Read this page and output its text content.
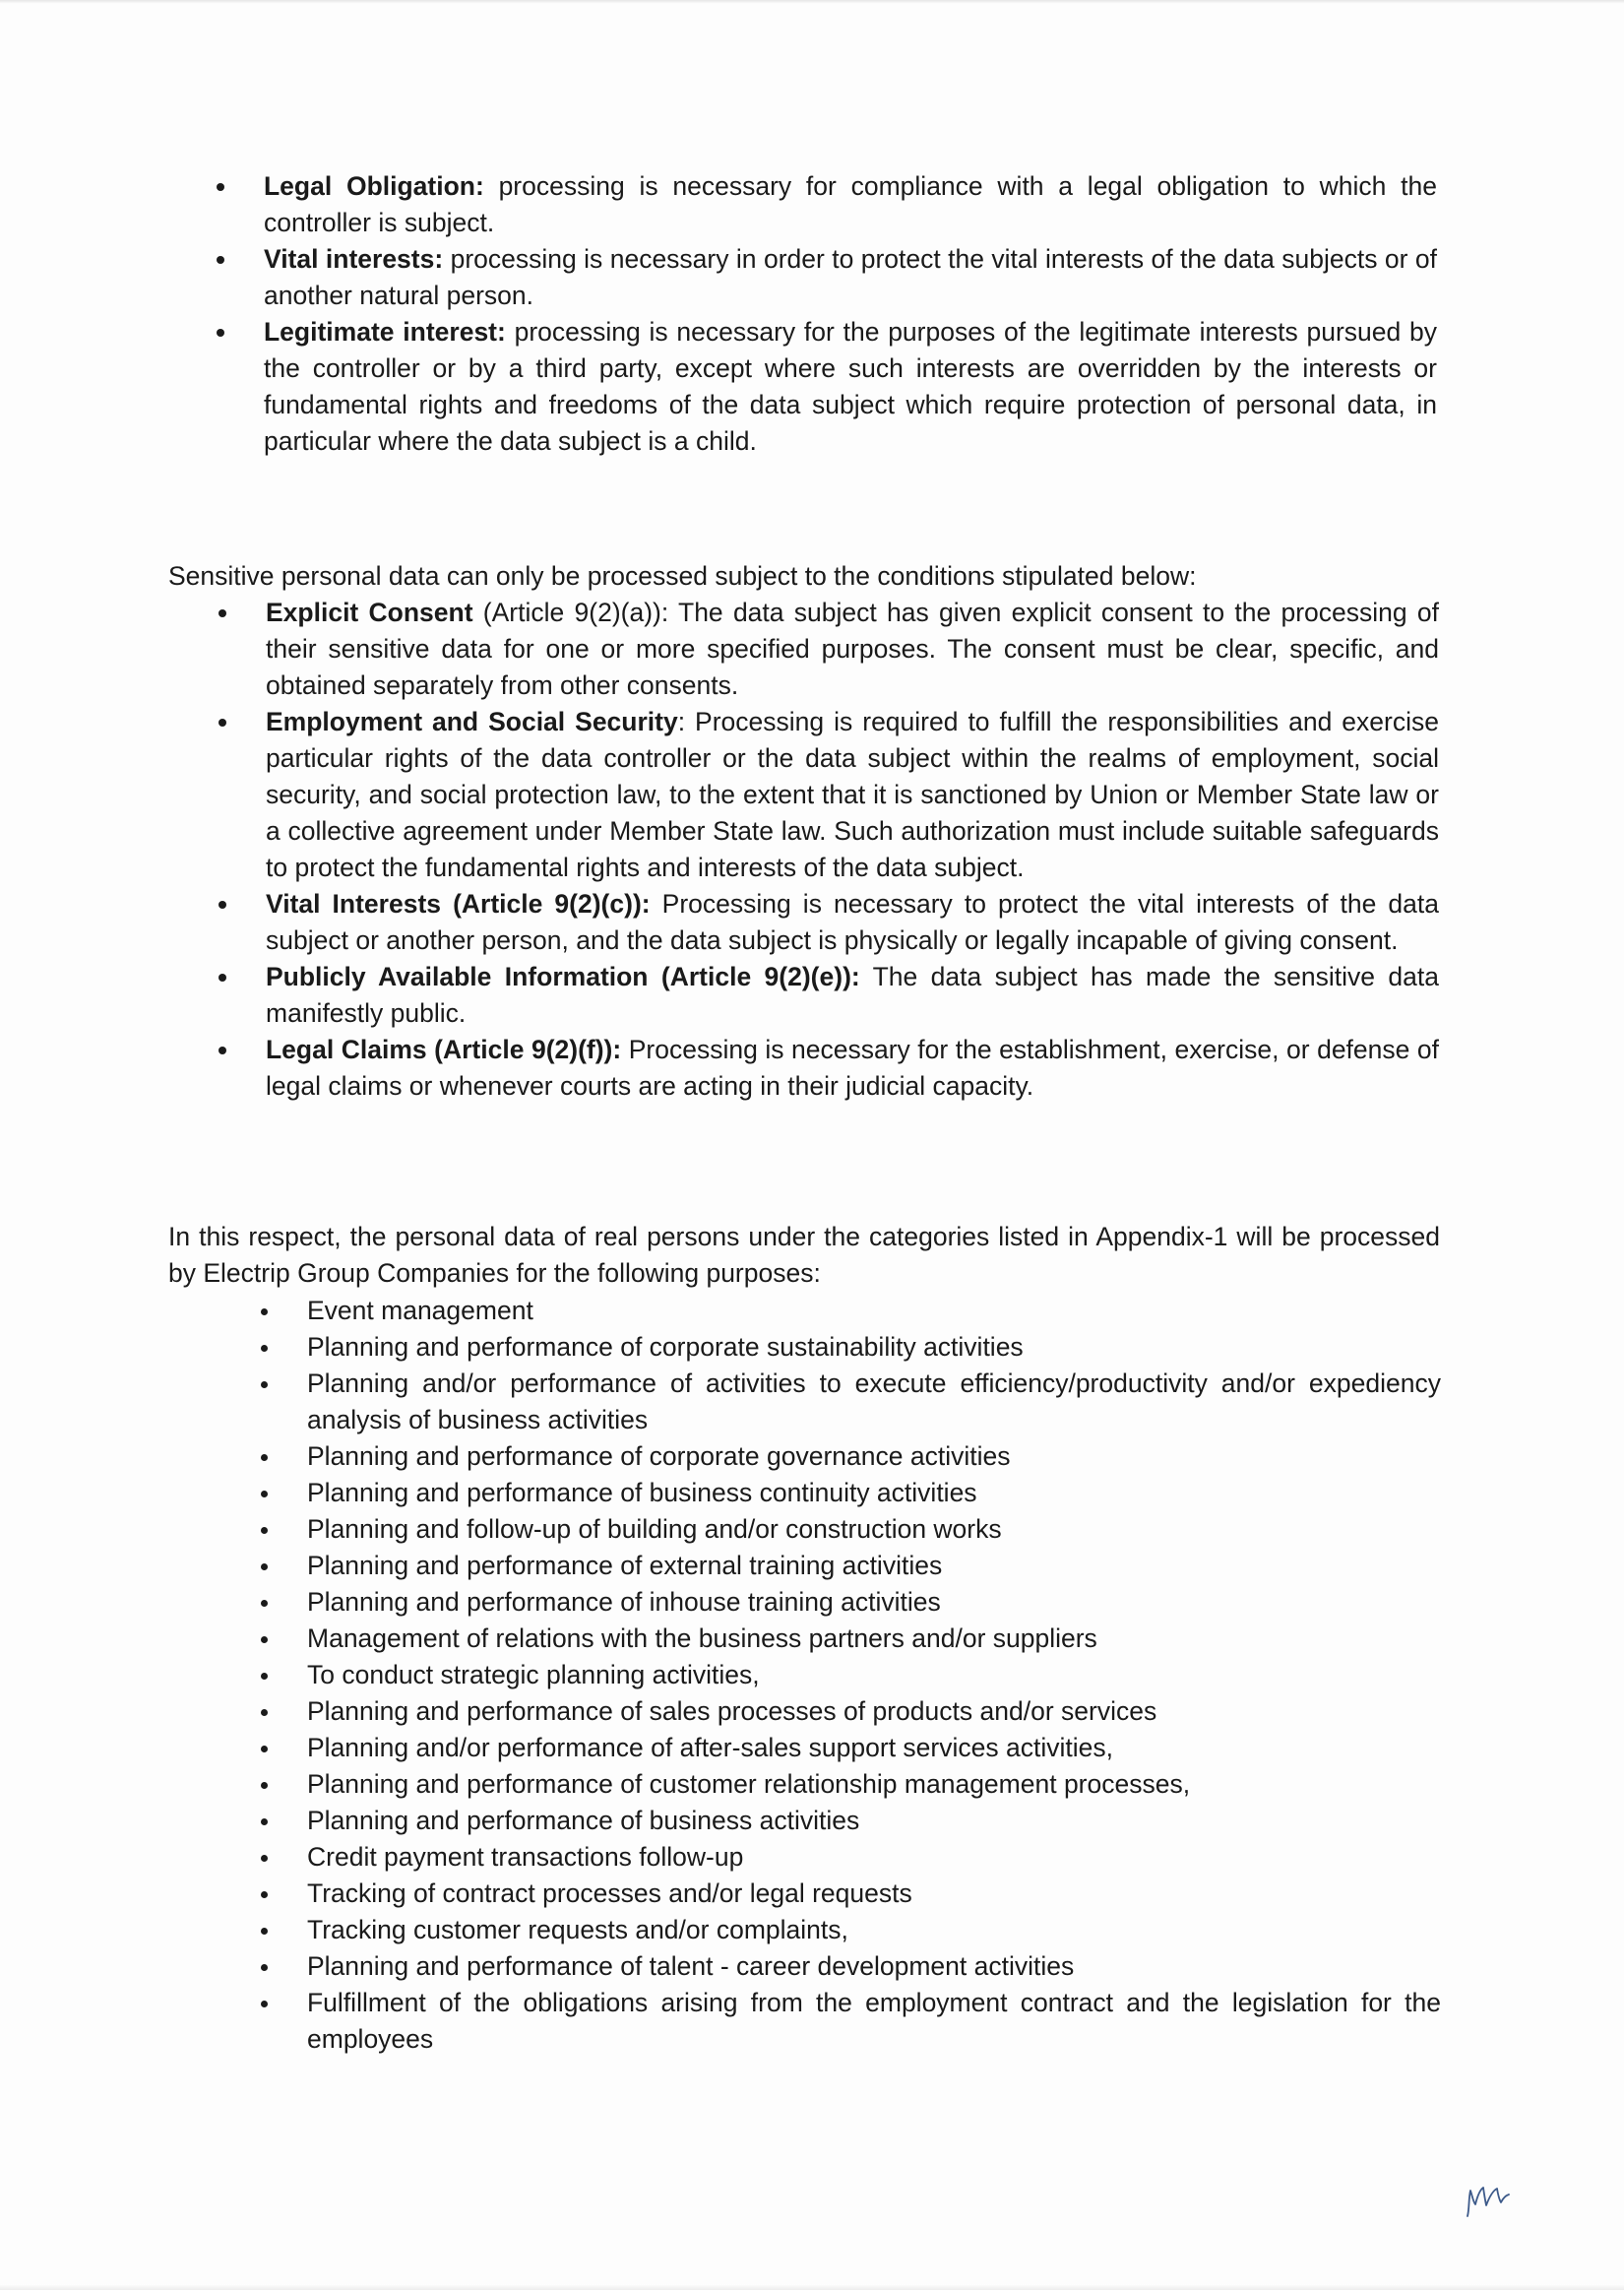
Legal Obligation: processing is necessary for compliance with a legal obligation to which the controller is subject.
Vital interests: processing is necessary in order to protect the vital interests of the data subjects or of another natural person.
Legitimate interest: processing is necessary for the purposes of the legitimate interests pursued by the controller or by a third party, except where such interests are overridden by the interests or fundamental rights and freedoms of the data subject which require protection of personal data, in particular where the data subject is a child.

Sensitive personal data can only be processed subject to the conditions stipulated below:

Explicit Consent (Article 9(2)(a)): The data subject has given explicit consent to the processing of their sensitive data for one or more specified purposes. The consent must be clear, specific, and obtained separately from other consents.
Employment and Social Security: Processing is required to fulfill the responsibilities and exercise particular rights of the data controller or the data subject within the realms of employment, social security, and social protection law, to the extent that it is sanctioned by Union or Member State law or a collective agreement under Member State law. Such authorization must include suitable safeguards to protect the fundamental rights and interests of the data subject.
Vital Interests (Article 9(2)(c)): Processing is necessary to protect the vital interests of the data subject or another person, and the data subject is physically or legally incapable of giving consent.
Publicly Available Information (Article 9(2)(e)): The data subject has made the sensitive data manifestly public.
Legal Claims (Article 9(2)(f)): Processing is necessary for the establishment, exercise, or defense of legal claims or whenever courts are acting in their judicial capacity.

In this respect, the personal data of real persons under the categories listed in Appendix-1 will be processed by Electrip Group Companies for the following purposes:

Event management
Planning and performance of corporate sustainability activities
Planning and/or performance of activities to execute efficiency/productivity and/or expediency analysis of business activities
Planning and performance of corporate governance activities
Planning and performance of business continuity activities
Planning and follow-up of building and/or construction works
Planning and performance of external training activities
Planning and performance of inhouse training activities
Management of relations with the business partners and/or suppliers
To conduct strategic planning activities,
Planning and performance of sales processes of products and/or services
Planning and/or performance of after-sales support services activities,
Planning and performance of customer relationship management processes,
Planning and performance of business activities
Credit payment transactions follow-up
Tracking of contract processes and/or legal requests
Tracking customer requests and/or complaints,
Planning and performance of talent - career development activities
Fulfillment of the obligations arising from the employment contract and the legislation for the employees
